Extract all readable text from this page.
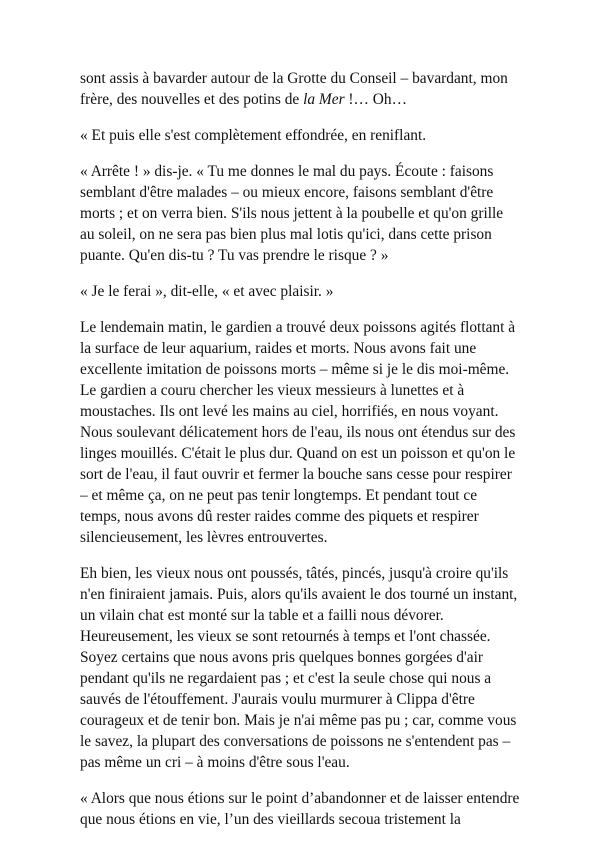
sont assis à bavarder autour de la Grotte du Conseil – bavardant, mon frère, des nouvelles et des potins de la Mer !… Oh…

« Et puis elle s'est complètement effondrée, en reniflant.

« Arrête ! » dis-je. « Tu me donnes le mal du pays. Écoute : faisons semblant d'être malades – ou mieux encore, faisons semblant d'être morts ; et on verra bien. S'ils nous jettent à la poubelle et qu'on grille au soleil, on ne sera pas bien plus mal lotis qu'ici, dans cette prison puante. Qu'en dis-tu ? Tu vas prendre le risque ? »

« Je le ferai », dit-elle, « et avec plaisir. »

Le lendemain matin, le gardien a trouvé deux poissons agités flottant à la surface de leur aquarium, raides et morts. Nous avons fait une excellente imitation de poissons morts – même si je le dis moi-même. Le gardien a couru chercher les vieux messieurs à lunettes et à moustaches. Ils ont levé les mains au ciel, horrifiés, en nous voyant. Nous soulevant délicatement hors de l'eau, ils nous ont étendus sur des linges mouillés. C'était le plus dur. Quand on est un poisson et qu'on le sort de l'eau, il faut ouvrir et fermer la bouche sans cesse pour respirer – et même ça, on ne peut pas tenir longtemps. Et pendant tout ce temps, nous avons dû rester raides comme des piquets et respirer silencieusement, les lèvres entrouvertes.

Eh bien, les vieux nous ont poussés, tâtés, pincés, jusqu'à croire qu'ils n'en finiraient jamais. Puis, alors qu'ils avaient le dos tourné un instant, un vilain chat est monté sur la table et a failli nous dévorer. Heureusement, les vieux se sont retournés à temps et l'ont chassée. Soyez certains que nous avons pris quelques bonnes gorgées d'air pendant qu'ils ne regardaient pas ; et c'est la seule chose qui nous a sauvés de l'étouffement. J'aurais voulu murmurer à Clippa d'être courageux et de tenir bon. Mais je n'ai même pas pu ; car, comme vous le savez, la plupart des conversations de poissons ne s'entendent pas – pas même un cri – à moins d'être sous l'eau.

« Alors que nous étions sur le point d’abandonner et de laisser entendre que nous étions en vie, l’un des vieillards secoua tristement la
